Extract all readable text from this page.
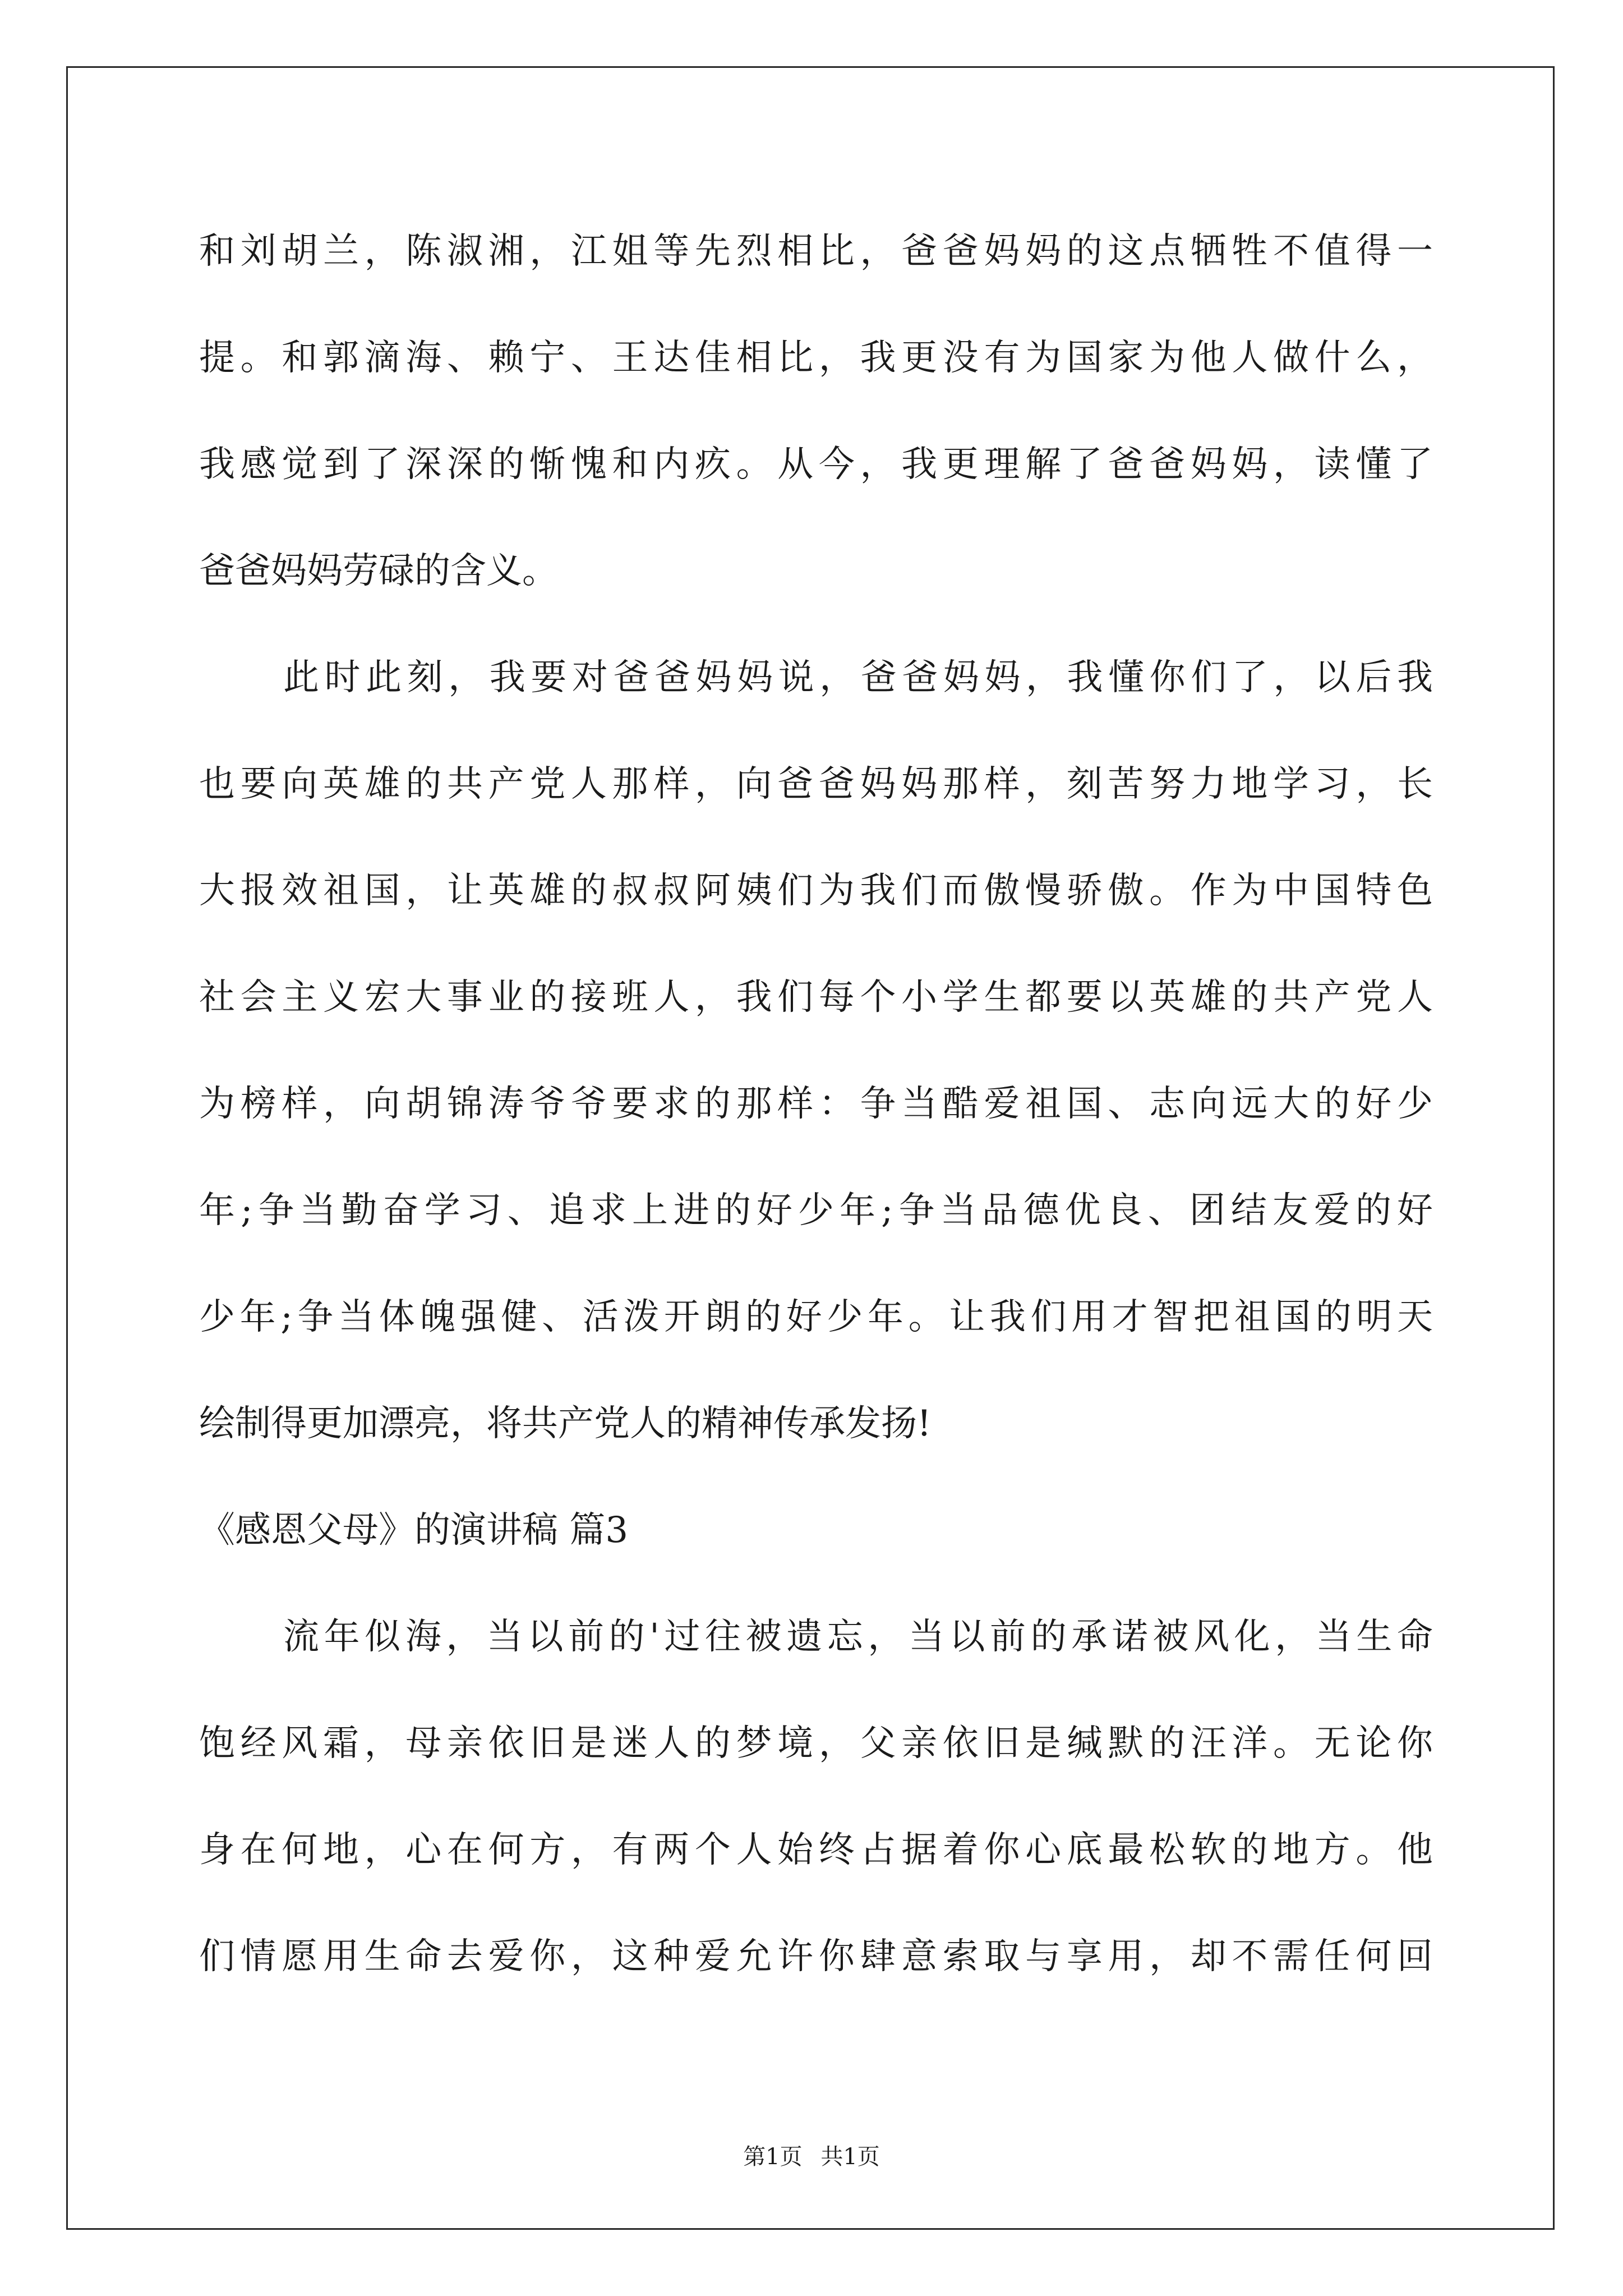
和刘胡兰，陈淑湘，江姐等先烈相比，爸爸妈妈的这点牺牲不值得一
提。和郭滴海、赖宁、王达佳相比，我更没有为国家为他人做什么，
我感觉到了深深的惭愧和内疚。从今，我更理解了爸爸妈妈，读懂了
爸爸妈妈劳碌的含义。
此时此刻，我要对爸爸妈妈说，爸爸妈妈，我懂你们了，以后我
也要向英雄的共产党人那样，向爸爸妈妈那样，刻苦努力地学习，长
大报效祖国，让英雄的叔叔阿姨们为我们而傲慢骄傲。作为中国特色
社会主义宏大事业的接班人，我们每个小学生都要以英雄的共产党人
为榜样，向胡锦涛爷爷要求的那样：争当酷爱祖国、志向远大的好少
年;争当勤奋学习、追求上进的好少年;争当品德优良、团结友爱的好
少年;争当体魄强健、活泼开朗的好少年。让我们用才智把祖国的明天
绘制得更加漂亮，将共产党人的精神传承发扬!
《感恩父母》的演讲稿 篇3
流年似海，当以前的'过往被遗忘，当以前的承诺被风化，当生命
饱经风霜，母亲依旧是迷人的梦境，父亲依旧是缄默的汪洋。无论你
身在何地，心在何方，有两个人始终占据着你心底最松软的地方。他
们情愿用生命去爱你，这种爱允许你肆意索取与享用，却不需任何回
第1页 共1页
